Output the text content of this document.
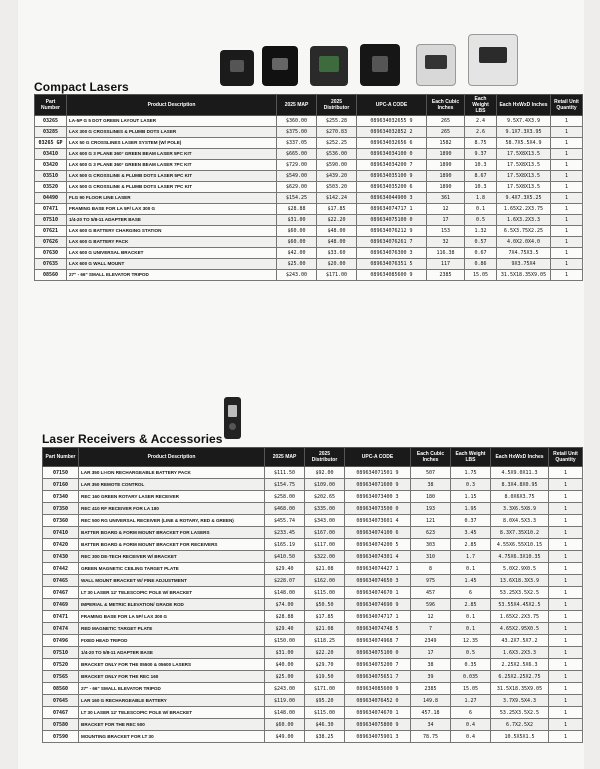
Compact Lasers
Part Number	Product Description	2025 MAP	2025 Distributor	UPC-A CODE	Each Cubic Inches	Each Weight LBS	Each HxWxD Inches	Retail Unit Quantity
03265	LA-5P G 5 DOT GREEN LAYOUT LASER	$360.00	$255.28	089634032655 9	265	2.4	9.5X7.4X3.9	1
03285	LAX 300 G CROSSLINES & PLUMB DOTS LASER	$375.00	$270.83	089634032852 2	265	2.6	9.1X7.3X3.95	1
03265 GP	LAX 50 G CROSSLINES LASER SYSTEM (W/ POLE)	$337.05	$252.25	089634032656 6	1582	8.75	58.7X5.5X4.9	1
03410	LAX 600 G 3 PLANE 360° GREEN BEAM LASER 5PC KIT	$665.00	$536.00	089634034100 0	1890	9.37	17.5X8X13.5	1
03420	LAX 600 G 3 PLANE 360° GREEN BEAM LASER 7PC KIT	$729.00	$590.00	089634034200 7	1890	10.3	17.5X8X13.5	1
03510	LAX 500 G CROSSLINE & PLUMB DOTS LASER 5PC KIT	$549.00	$439.20	089634035100 9	1890	8.67	17.5X8X13.5	1
03520	LAX 500 G CROSSLINE & PLUMB DOTS LASER 7PC KIT	$629.00	$503.20	089634035200 6	1890	10.3	17.5X8X13.5	1
04490	FLG 90 FLOOR LINE LASER	$154.25	$142.24	089634044900 3	361	1.8	9.4X7.3X5.25	1
07471	FRAMING BASE FOR LA 5P/ LAX 300 G	$28.88	$17.85	089634074717 1	12	0.1	1.65X2.2X3.75	1
07510	1/4-20 TO 5/8-11 ADAPTER BASE	$31.00	$22.20	089634075100 0	17	0.5	1.6X3.2X3.3	1
07621	LAX 600 G BATTERY CHARGING STATION	$60.00	$48.00	089634076212 9	153	1.32	6.5X3.75X2.25	1
07626	LAX 600 G BATTERY PACK	$60.00	$48.00	089634076261 7	32	0.57	4.0X2.0X4.0	1
07630	LAX 600 G UNIVERSAL BRACKET	$42.00	$33.60	089634076300 3	116.38	0.67	7X4.75X3.5	1
07635	LAX 600 G WALL MOUNT	$25.00	$20.00	089634076351 5	117	0.86	9X3.75X4	1
08560	27" - 66" SMALL ELEVATOR TRIPOD	$243.00	$171.00	089634085600 9	2385	15.05	31.5X18.35X9.05	1
Laser Receivers & Accessories
Part Number	Product Description	2025 MAP	2025 Distributor	UPC-A CODE	Each Cubic Inches	Each Weight LBS	Each HxWxD Inches	Retail Unit Quantity
07150	LAR 350 LI-ION RECHARGEABLE BATTERY PACK	$111.50	$92.00	089634071501 9	507	1.75	4.5X9.0X11.3	1
07160	LAR 350 REMOTE CONTROL	$154.75	$109.00	089634071600 9	38	0.3	8.3X4.8X0.95	1
07340	REC 160 GREEN ROTARY LASER RECEIVER	$258.00	$202.65	089634073400 3	180	1.15	8.0X6X3.75	1
07350	REC 410 RF RECEIVER FOR LA 180	$468.00	$335.00	089634073500 0	193	1.95	3.3X6.5X8.9	1
07360	REC 500 RG UNIVERSAL RECEIVER (LINE & ROTARY, RED & GREEN)	$455.74	$343.00	089634073601 4	121	0.37	8.0X4.5X3.3	1
07410	BATTER BOARD & FORM MOUNT BRACKET FOR LASERS	$233.45	$167.00	089634074100 6	623	3.45	8.3X7.35X10.2	1
07420	BATTER BOARD & FORM MOUNT BRACKET FOR RECEIVERS	$165.19	$117.00	089634074200 5	303	2.85	4.55X6.55X10.15	1
07430	REC 300 DE-TECH RECEIVER W/ BRACKET	$410.50	$322.00	089634074301 4	310	1.7	4.75X6.3X10.35	1
07442	GREEN MAGNETIC CEILING TARGET PLATE	$29.40	$21.08	089634074427 1	8	0.1	5.0X2.9X0.5	1
07465	WALL MOUNT BRACKET W/ FINE ADJUSTMENT	$228.07	$162.00	089634074650 3	975	1.45	13.6X18.3X3.9	1
07467	LT 30 LASER 12' TELESCOPIC POLE W/ BRACKET	$148.00	$115.00	089634074670 1	457	6	53.25X3.5X2.5	1
07469	IMPERIAL & METRIC ELEVATION/ GRADE ROD	$74.00	$50.50	089634074690 9	596	2.85	53.55X4.45X2.5	1
07471	FRAMING BASE FOR LA 5P/ LAX 300 G	$28.88	$17.85	089634074717 1	12	0.1	1.65X2.2X3.75	1
07474	RED MAGNETIC TARGET PLATE	$29.40	$21.08	089634074748 5	7	0.1	4.65X2.95X0.5	1
07496	FIXED HEAD TRIPOD	$150.00	$118.25	089634074968 7	2349	12.35	43.2X7.5X7.2	1
07510	1/4-20 TO 5/8-11 ADAPTER BASE	$31.00	$22.20	089634075100 0	17	0.5	1.6X3.2X3.3	1
07520	BRACKET ONLY FOR THE 05500 & 05600 LASERS	$40.00	$29.70	089634075200 7	38	0.35	2.25X2.5X6.3	1
07565	BRACKET ONLY FOR THE REC 160	$25.00	$19.50	089634075651 7	39	0.035	6.25X2.25X2.75	1
08560	27" - 66" SMALL ELEVATOR TRIPOD	$243.00	$171.00	089634085600 9	2385	15.05	31.5X18.35X9.05	1
07645	LAR 160 G RECHARGEABLE BATTERY	$119.00	$95.20	089634076452 0	149.8	1.27	3.7X9.5X4.3	1
07467	LT 30 LASER 12' TELESCOPIC POLE W/ BRACKET	$148.00	$115.00	089634074670 1	457.18	6	53.25X3.5X2.5	1
07580	BRACKET FOR THE REC 500	$60.00	$46.30	089634075800 9	34	0.4	6.7X2.5X2	1
07590	MOUNTING BRACKET FOR LT 30	$49.00	$38.25	089634075901 3	78.75	0.4	10.5X5X1.5	1
